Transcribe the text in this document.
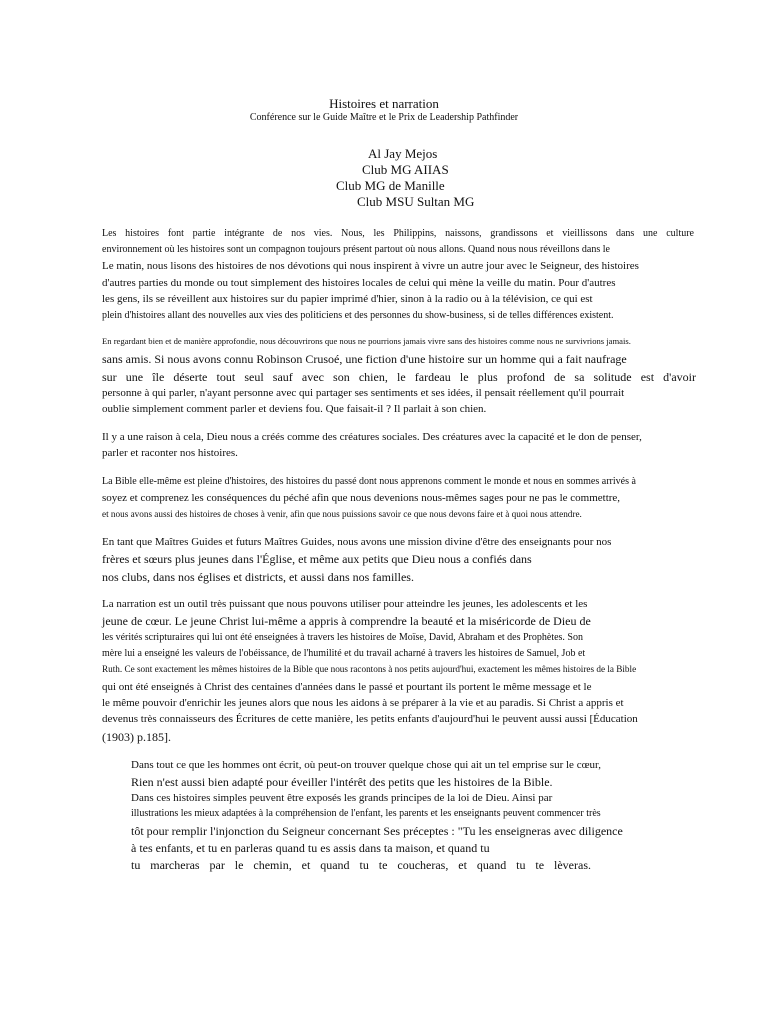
Histoires et narration
Conférence sur le Guide Maître et le Prix de Leadership Pathfinder
Al Jay Mejos
Club MG AIIAS
Club MG de Manille
Club MSU Sultan MG
Les histoires font partie intégrante de nos vies. Nous, les Philippins, naissons, grandissons et vieillissons dans une culture
environnement où les histoires sont un compagnon toujours présent partout où nous allons. Quand nous nous réveillons dans le
Le matin, nous lisons des histoires de nos dévotions qui nous inspirent à vivre un autre jour avec le Seigneur, des histoires
d'autres parties du monde ou tout simplement des histoires locales de celui qui mène la veille du matin. Pour d'autres
les gens, ils se réveillent aux histoires sur du papier imprimé d'hier, sinon à la radio ou à la télévision, ce qui est
plein d'histoires allant des nouvelles aux vies des politiciens et des personnes du show-business, si de telles différences existent.
En regardant bien et de manière approfondie, nous découvrirons que nous ne pourrions jamais vivre sans des histoires comme nous ne survivrions jamais.
sans amis. Si nous avons connu Robinson Crusoé, une fiction d'une histoire sur un homme qui a fait naufrage
sur une île déserte tout seul sauf avec son chien, le fardeau le plus profond de sa solitude est d'avoir
personne à qui parler, n'ayant personne avec qui partager ses sentiments et ses idées, il pensait réellement qu'il pourrait
oublie simplement comment parler et deviens fou. Que faisait-il ? Il parlait à son chien.
Il y a une raison à cela, Dieu nous a créés comme des créatures sociales. Des créatures avec la capacité et le don de penser,
parler et raconter nos histoires.
La Bible elle-même est pleine d'histoires, des histoires du passé dont nous apprenons comment le monde et nous en sommes arrivés à
soyez et comprenez les conséquences du péché afin que nous devenions nous-mêmes sages pour ne pas le commettre,
et nous avons aussi des histoires de choses à venir, afin que nous puissions savoir ce que nous devons faire et à quoi nous attendre.
En tant que Maîtres Guides et futurs Maîtres Guides, nous avons une mission divine d'être des enseignants pour nos
frères et sœurs plus jeunes dans l'Église, et même aux petits que Dieu nous a confiés dans
nos clubs, dans nos églises et districts, et aussi dans nos familles.
La narration est un outil très puissant que nous pouvons utiliser pour atteindre les jeunes, les adolescents et les
jeune de cœur. Le jeune Christ lui-même a appris à comprendre la beauté et la miséricorde de Dieu de
les vérités scripturaires qui lui ont été enseignées à travers les histoires de Moïse, David, Abraham et des Prophètes. Son
mère lui a enseigné les valeurs de l'obéissance, de l'humilité et du travail acharné à travers les histoires de Samuel, Job et
Ruth. Ce sont exactement les mêmes histoires de la Bible que nous racontons à nos petits aujourd'hui, exactement les mêmes histoires de la Bible
qui ont été enseignés à Christ des centaines d'années dans le passé et pourtant ils portent le même message et le
le même pouvoir d'enrichir les jeunes alors que nous les aidons à se préparer à la vie et au paradis. Si Christ a appris et
devenus très connaisseurs des Écritures de cette manière, les petits enfants d'aujourd'hui le peuvent aussi aussi [Éducation
(1903) p.185].
Dans tout ce que les hommes ont écrit, où peut-on trouver quelque chose qui ait un tel emprise sur le cœur,
Rien n'est aussi bien adapté pour éveiller l'intérêt des petits que les histoires de la Bible.
Dans ces histoires simples peuvent être exposés les grands principes de la loi de Dieu. Ainsi par
illustrations les mieux adaptées à la compréhension de l'enfant, les parents et les enseignants peuvent commencer très
tôt pour remplir l'injonction du Seigneur concernant Ses préceptes : "Tu les enseigneras avec diligence
à tes enfants, et tu en parleras quand tu es assis dans ta maison, et quand tu
tu marcheras par le chemin, et quand tu te coucheras, et quand tu te lèveras.
